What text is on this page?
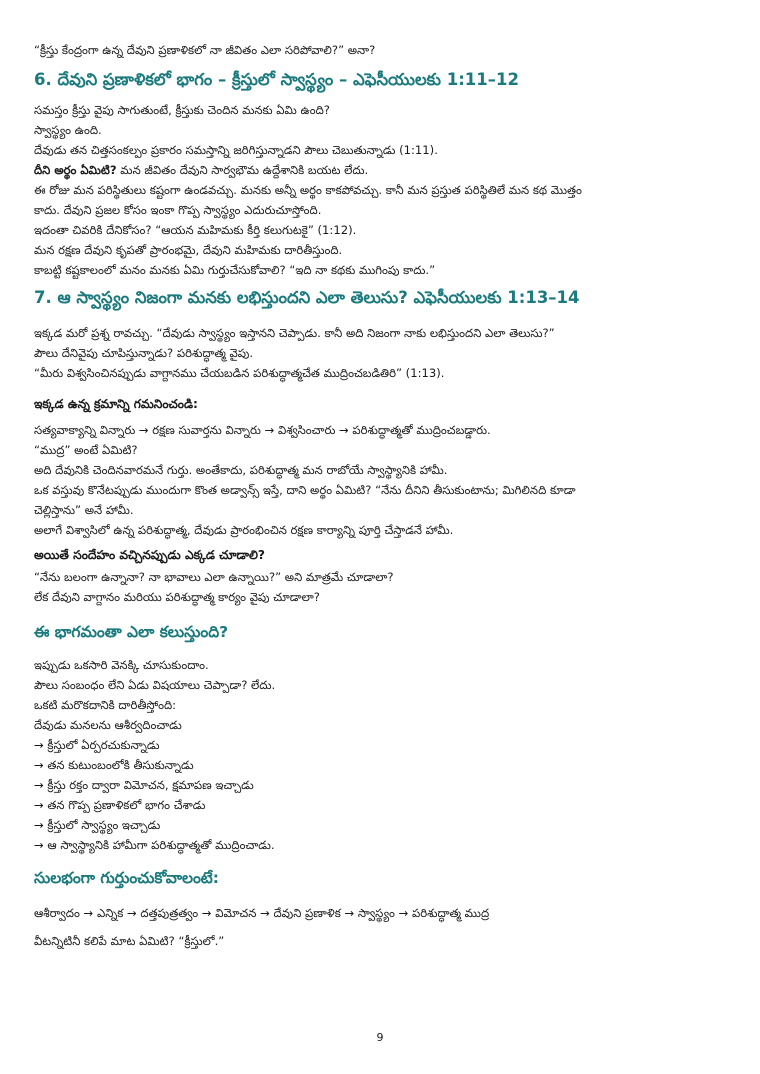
“క్రీస్తు కేంద్రంగా ఉన్న దేవుని ప్రణాళికలో నా జీవితం ఎలా సరిపోవాలి?” అనా?

6. దేవుని ప్రణాళికలో భాగం – క్రీస్తులో స్వాస్థ్యం – ఎఫెసీయులకు 1:11–12

సమస్తం క్రీస్తు వైపు సాగుతుంటే, క్రీస్తుకు చెందిన మనకు ఏమి ఉంది?

స్వాస్థ్యం ఉంది.

దేవుడు తన చిత్తసంకల్పం ప్రకారం సమస్తాన్ని జరిగిస్తున్నాడని పౌలు చెబుతున్నాడు (1:11).

దీని అర్థం ఏమిటి? మన జీవితం దేవుని సార్వభౌమ ఉద్దేశానికి బయట లేదు.

ఈ రోజు మన పరిస్థితులు కష్టంగా ఉండవచ్చు. మనకు అన్నీ అర్థం కాకపోవచ్చు. కానీ మన ప్రస్తుత పరిస్థితిలే మన కథ మొత్తం

కాదు. దేవుని ప్రజల కోసం ఇంకా గొప్ప స్వాస్థ్యం ఎదురుచూస్తోంది.

ఇదంతా చివరికి దేనికోసం? “ఆయన మహిమకు కీర్తి కలుగుటకై” (1:12).

మన రక్షణ దేవుని కృపతో ప్రారంభమై, దేవుని మహిమకు దారితీస్తుంది.

కాబట్టి కష్టకాలంలో మనం మనకు ఏమి గుర్తుచేసుకోవాలి? “ఇది నా కథకు ముగింపు కాదు.”

7. ఆ స్వాస్థ్యం నిజంగా మనకు లభిస్తుందని ఎలా తెలుసు? ఎఫెసీయులకు 1:13–14

ఇక్కడ మరో ప్రశ్న రావచ్చు. “దేవుడు స్వాస్థ్యం ఇస్తానని చెప్పాడు. కానీ అది నిజంగా నాకు లభిస్తుందని ఎలా తెలుసు?”

పౌలు దేనివైపు చూపిస్తున్నాడు? పరిశుద్ధాత్మ వైపు.

“మీరు విశ్వసించినప్పుడు వాగ్దానము చేయబడిన పరిశుద్ధాత్మచేత ముద్రించబడితిరి” (1:13).

ఇక్కడ ఉన్న క్రమాన్ని గమనించండి:

సత్యవాక్యాన్ని విన్నారు → రక్షణ సువార్తను విన్నారు → విశ్వసించారు → పరిశుద్ధాత్మతో ముద్రించబడ్డారు.

“ముద్ర” అంటే ఏమిటి?

అది దేవునికి చెందినవారమనే గుర్తు. అంతేకాదు, పరిశుద్ధాత్మ మన రాబోయే స్వాస్థ్యానికి హామీ.

ఒక వస్తువు కొనేటప్పుడు ముందుగా కొంత అడ్వాన్స్ ఇస్తే, దాని అర్థం ఏమిటి? “నేను దీనిని తీసుకుంటాను; మిగిలినది కూడా

చెల్లిస్తాను” అనే హామీ.

అలాగే విశ్వాసిలో ఉన్న పరిశుద్ధాత్మ, దేవుడు ప్రారంభించిన రక్షణ కార్యాన్ని పూర్తి చేస్తాడనే హామీ.

అయితే సందేహం వచ్చినప్పుడు ఎక్కడ చూడాలి?

“నేను బలంగా ఉన్నానా? నా భావాలు ఎలా ఉన్నాయి?” అని మాత్రమే చూడాలా?

లేక దేవుని వాగ్దానం మరియు పరిశుద్ధాత్మ కార్యం వైపు చూడాలా?

ఈ భాగమంతా ఎలా కలుస్తుంది?

ఇప్పుడు ఒకసారి వెనక్కి చూసుకుందాం.

పౌలు సంబంధం లేని ఏడు విషయాలు చెప్పాడా? లేదు.

ఒకటి మరొకదానికి దారితీస్తోంది:

దేవుడు మనలను ఆశీర్వదించాడు

→ క్రీస్తులో ఏర్పరచుకున్నాడు

→ తన కుటుంబంలోకి తీసుకున్నాడు

→ క్రీస్తు రక్తం ద్వారా విమోచన, క్షమాపణ ఇచ్చాడు

→ తన గొప్ప ప్రణాళికలో భాగం చేశాడు

→ క్రీస్తులో స్వాస్థ్యం ఇచ్చాడు

→ ఆ స్వాస్థ్యానికి హామీగా పరిశుద్ధాత్మతో ముద్రించాడు.

సులభంగా గుర్తుంచుకోవాలంటే:

ఆశీర్వాదం → ఎన్నిక → దత్తపుత్రత్వం → విమోచన → దేవుని ప్రణాళిక → స్వాస్థ్యం → పరిశుద్ధాత్మ ముద్ర

వీటన్నిటినీ కలిపే మాట ఏమిటి? “క్రీస్తులో.”

9
